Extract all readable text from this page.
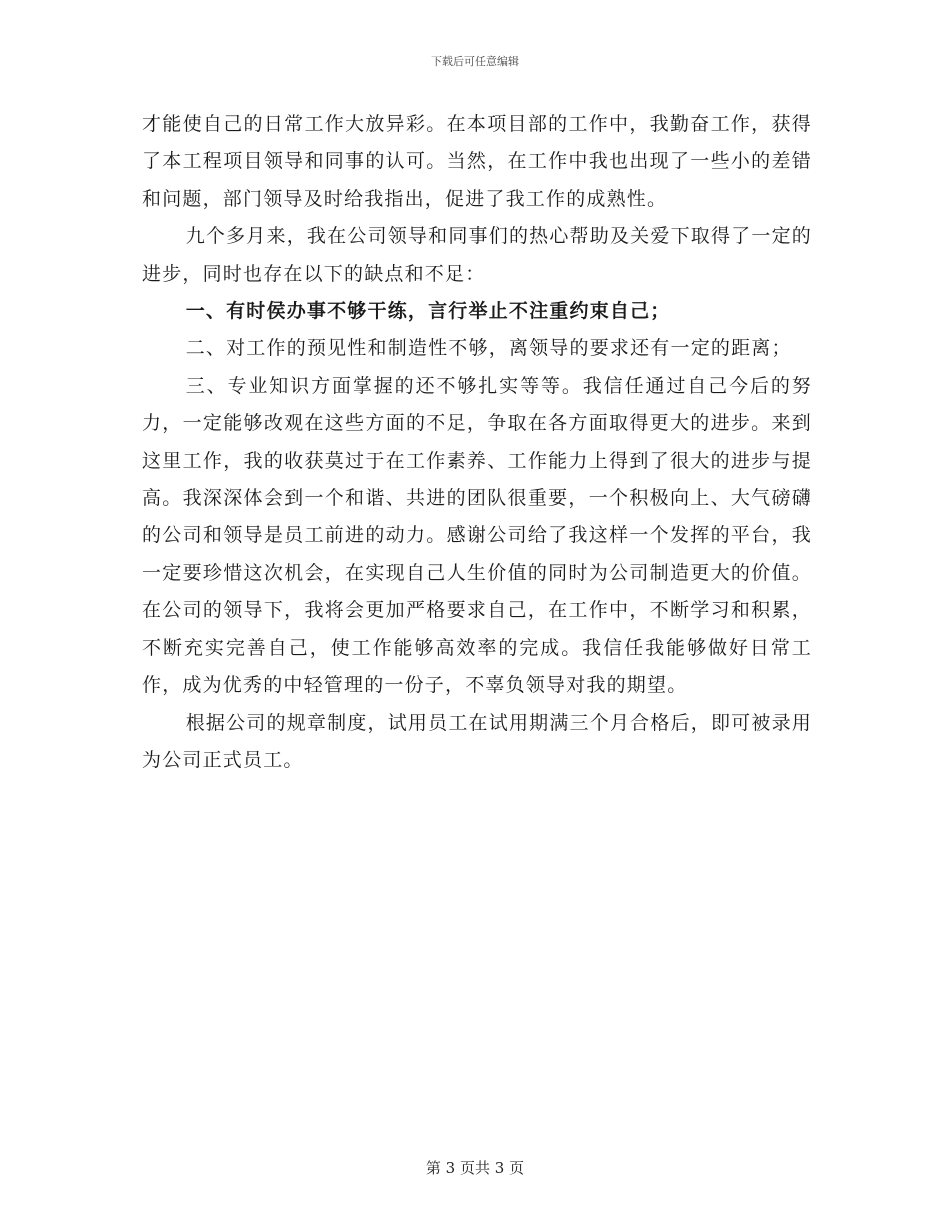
下载后可任意编辑

才能使自己的日常工作大放异彩。在本项目部的工作中，我勤奋工作，获得了本工程项目领导和同事的认可。当然，在工作中我也出现了一些小的差错和问题，部门领导及时给我指出，促进了我工作的成熟性。

九个多月来，我在公司领导和同事们的热心帮助及关爱下取得了一定的进步，同时也存在以下的缺点和不足：

一、有时侯办事不够干练，言行举止不注重约束自己；

二、对工作的预见性和制造性不够，离领导的要求还有一定的距离；

三、专业知识方面掌握的还不够扎实等等。我信任通过自己今后的努力，一定能够改观在这些方面的不足，争取在各方面取得更大的进步。来到这里工作，我的收获莫过于在工作素养、工作能力上得到了很大的进步与提高。我深深体会到一个和谐、共进的团队很重要，一个积极向上、大气磅礴的公司和领导是员工前进的动力。感谢公司给了我这样一个发挥的平台，我一定要珍惜这次机会，在实现自己人生价值的同时为公司制造更大的价值。在公司的领导下，我将会更加严格要求自己，在工作中，不断学习和积累，不断充实完善自己，使工作能够高效率的完成。我信任我能够做好日常工作，成为优秀的中轻管理的一份子，不辜负领导对我的期望。

根据公司的规章制度，试用员工在试用期满三个月合格后，即可被录用为公司正式员工。

第 3 页共 3 页
